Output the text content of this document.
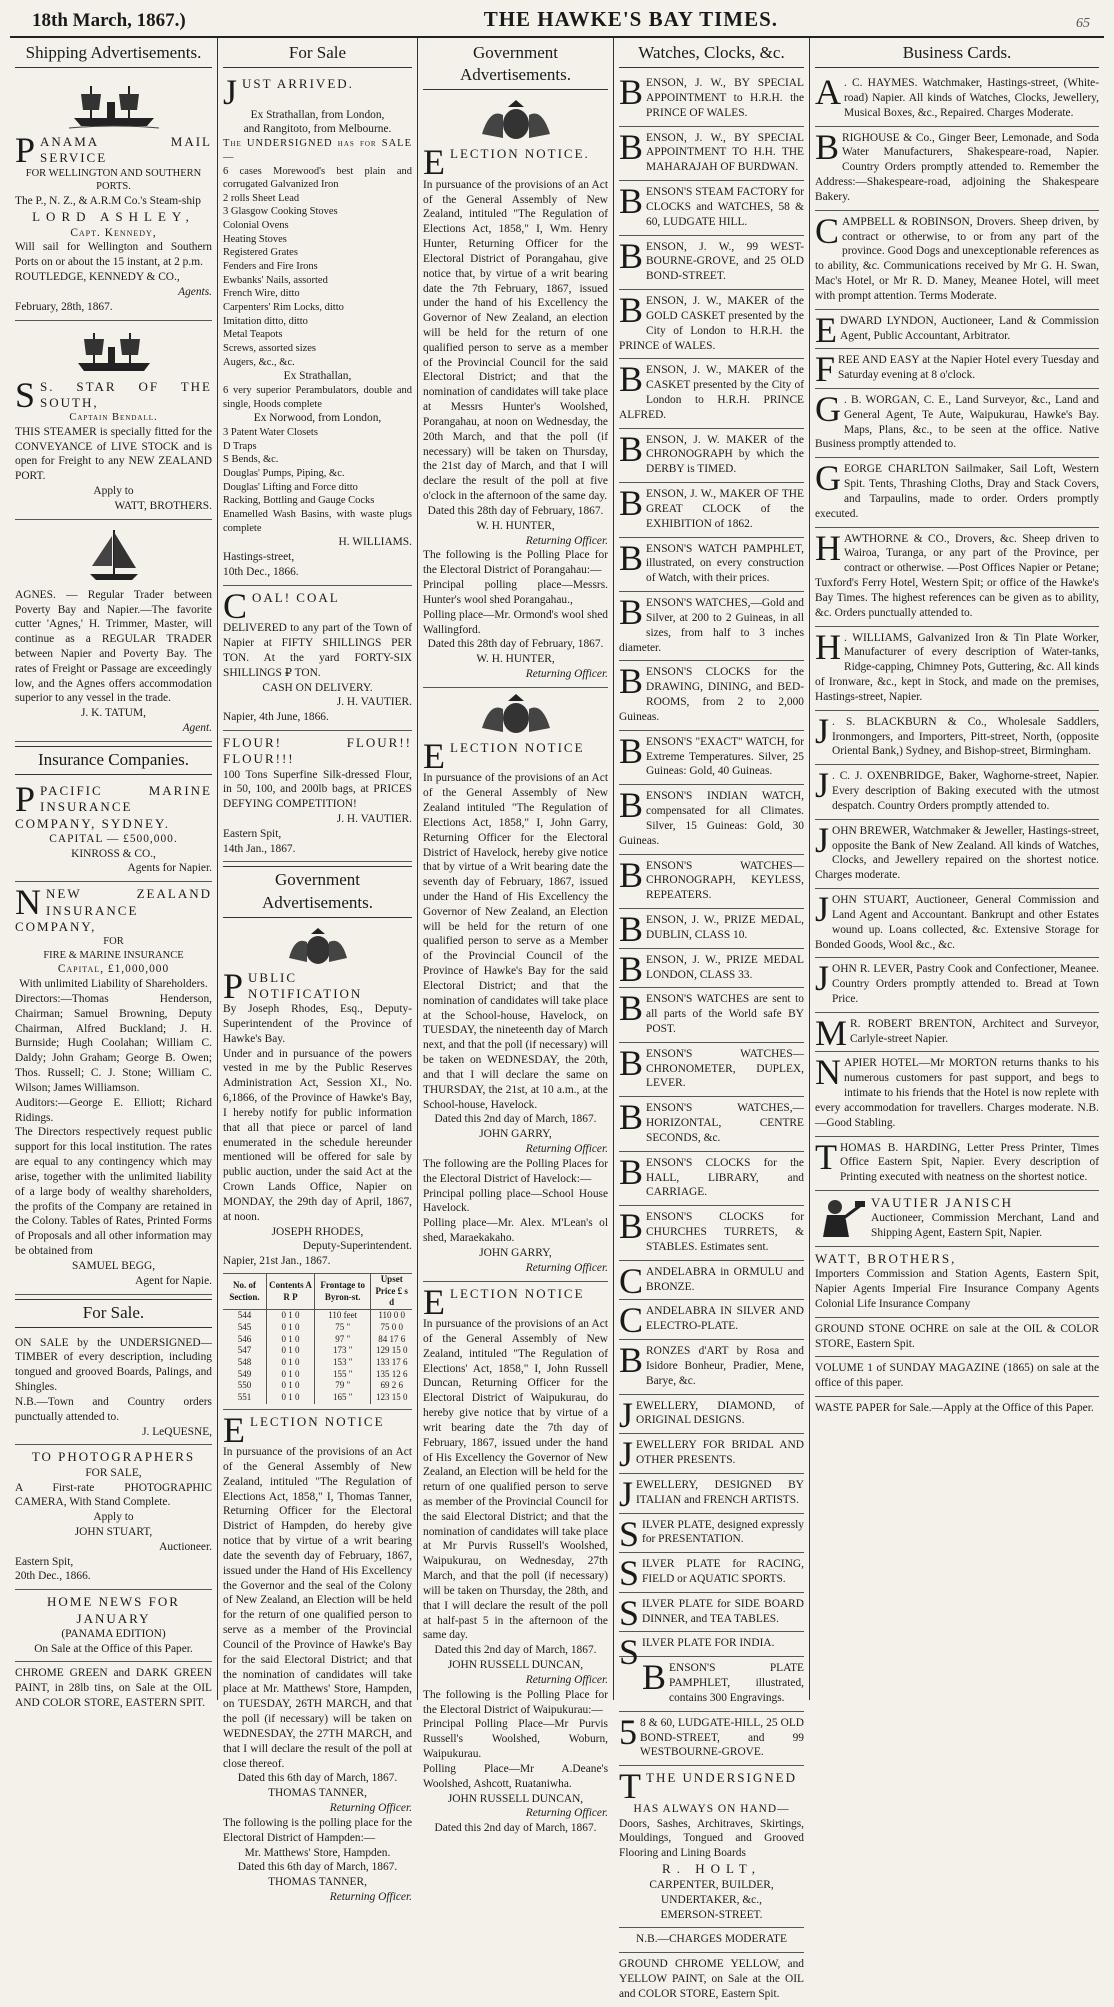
18th March, 1867.)	THE HAWKE'S BAY TIMES.	65
Shipping Advertisements.
PANAMA MAIL SERVICE
FOR WELLINGTON AND SOUTHERN PORTS.
The P., N. Z., & A.R.M Co.'s Steam-ship
LORD ASHLEY,
Capt. Kennedy,
Will sail for Wellington and Southern Ports on or about the 15 instant, at 2 p.m.
ROUTLEDGE, KENNEDY & CO.,
Agents.
February, 28th, 1867.
S S. STAR OF THE SOUTH,
Captain Bendall.
THIS STEAMER is specially fitted for the CONVEYANCE of LIVE STOCK and is open for Freight to any NEW ZEALAND PORT.
Apply to
WATT, BROTHERS.
AGNES. — Regular Trader between Poverty Bay and Napier.—The favorite cutter 'Agnes,' H. Trimmer, Master, will continue as a REGULAR TRADER between Napier and Poverty Bay. The rates of Freight or Passage are exceedingly low, and the Agnes offers accommodation superior to any vessel in the trade.
J. K. TATUM,
Agent.
Insurance Companies.
PPACIFIC MARINE INSURANCE COMPANY, SYDNEY.
CAPITAL — £500,000.
KINROSS & CO.,
Agents for Napier.
NNEW ZEALAND INSURANCE COMPANY,
FOR
FIRE & MARINE INSURANCE
Capital, £1,000,000
With unlimited Liability of Shareholders.
Directors:—Thomas Henderson, Chairman; Samuel Browning, Deputy Chairman, Alfred Buckland; J. H. Burnside; Hugh Coolahan; William C. Daldy; John Graham; George B. Owen; Thos. Russell; C. J. Stone; William C. Wilson; James Williamson.
Auditors:—George E. Elliott; Richard Ridings.
The Directors respectively request public support for this local institution. The rates are equal to any contingency which may arise, together with the unlimited liability of a large body of wealthy shareholders, the profits of the Company are retained in the Colony. Tables of Rates, Printed Forms of Proposals and all other information may be obtained from
SAMUEL BEGG,
Agent for Napie.
For Sale.
ON SALE by the UNDERSIGNED—TIMBER of every description, including tongued and grooved Boards, Palings, and Shingles.
N.B.—Town and Country orders punctually attended to.
J. LeQUESNE,
TO PHOTOGRAPHERS
FOR SALE,
A First-rate PHOTOGRAPHIC CAMERA, With Stand Complete.
Apply to
JOHN STUART,
Auctioneer.
Eastern Spit,
20th Dec., 1866.
HOME NEWS FOR JANUARY
(PANAMA EDITION)
On Sale at the Office of this Paper.
CHROME GREEN and DARK GREEN PAINT, in 28lb tins, on Sale at the OIL AND COLOR STORE, EASTERN SPIT.
For Sale
JUST ARRIVED.
Ex Strathallan, from London,
and Rangitoto, from Melbourne.
The UNDERSIGNED has for SALE—
6 cases Morewood's best plain and corrugated Galvanized Iron
2 rolls Sheet Lead
3 Glasgow Cooking Stoves
Colonial Ovens
Heating Stoves
Registered Grates
Fenders and Fire Irons
Ewbanks' Nails, assorted
French Wire, ditto
Carpenters' Rim Locks, ditto
Imitation ditto, ditto
Metal Teapots
Screws, assorted sizes
Augers, &c., &c.
Ex Strathallan,
6 very superior Perambulators, double and single, Hoods complete
Ex Norwood, from London,
3 Patent Water Closets
D Traps
S Bends, &c.
Douglas' Pumps, Piping, &c.
Douglas' Lifting and Force ditto
Racking, Bottling and Gauge Cocks
Enamelled Wash Basins, with waste plugs complete
H. WILLIAMS.
Hastings-street,
10th Dec., 1866.
COAL! COAL
DELIVERED to any part of the Town of Napier at FIFTY SHILLINGS PER TON. At the yard FORTY-SIX SHILLINGS ₽ TON.
CASH ON DELIVERY.
J. H. VAUTIER.
Napier, 4th June, 1866.
FLOUR! FLOUR!! FLOUR!!!
100 Tons Superfine Silk-dressed Flour, in 50, 100, and 200lb bags, at PRICES DEFYING COMPETITION!
J. H. VAUTIER.
Eastern Spit,
14th Jan., 1867.
Government Advertisements.
PUBLIC NOTIFICATION
By Joseph Rhodes, Esq., Deputy-Superintendent of the Province of Hawke's Bay.
Under and in pursuance of the powers vested in me by the Public Reserves Administration Act, Session XI., No. 6,1866, of the Province of Hawke's Bay, I hereby notify for public information that all that piece or parcel of land enumerated in the schedule hereunder mentioned will be offered for sale by public auction, under the said Act at the Crown Lands Office, Napier on MONDAY, the 29th day of April, 1867, at noon.
JOSEPH RHODES,
Deputy-Superintendent.
Napier, 21st Jan., 1867.
No. of Section.	Contents A R P	Frontage to Byron-st.	Upset Price £ s d
544	0 1 0	110 feet	110 0 0
545	0 1 0	75 "	75 0 0
546	0 1 0	97 "	84 17 6
547	0 1 0	173 "	129 15 0
548	0 1 0	153 "	133 17 6
549	0 1 0	155 "	135 12 6
550	0 1 0	79 "	69 2 6
551	0 1 0	165 "	123 15 0
ELECTION NOTICE
In pursuance of the provisions of an Act of the General Assembly of New Zealand, intituled "The Regulation of Elections Act, 1858," I, Thomas Tanner, Returning Officer for the Electoral District of Hampden, do hereby give notice that by virtue of a writ bearing date the seventh day of February, 1867, issued under the Hand of His Excellency the Governor and the seal of the Colony of New Zealand, an Election will be held for the return of one qualified person to serve as a member of the Provincial Council of the Province of Hawke's Bay for the said Electoral District; and that the nomination of candidates will take place at Mr. Matthews' Store, Hampden, on TUESDAY, 26TH MARCH, and that the poll (if necessary) will be taken on WEDNESDAY, the 27TH MARCH, and that I will declare the result of the poll at close thereof.
Dated this 6th day of March, 1867.
THOMAS TANNER,
Returning Officer.
The following is the polling place for the Electoral District of Hampden:—
Mr. Matthews' Store, Hampden.
Dated this 6th day of March, 1867.
THOMAS TANNER,
Returning Officer.
Government Advertisements.
ELECTION NOTICE.
In pursuance of the provisions of an Act of the General Assembly of New Zealand, intituled "The Regulation of Elections Act, 1858," I, Wm. Henry Hunter, Returning Officer for the Electoral District of Porangahau, give notice that, by virtue of a writ bearing date the 7th February, 1867, issued under the hand of his Excellency the Governor of New Zealand, an election will be held for the return of one qualified person to serve as a member of the Provincial Council for the said Electoral District; and that the nomination of candidates will take place at Messrs Hunter's Woolshed, Porangahau, at noon on Wednesday, the 20th March, and that the poll (if necessary) will be taken on Thursday, the 21st day of March, and that I will declare the result of the poll at five o'clock in the afternoon of the same day.
Dated this 28th day of February, 1867.
W. H. HUNTER,
Returning Officer.
The following is the Polling Place for the Electoral District of Porangahau:—
Principal polling place—Messrs. Hunter's wool shed Porangahau.,
Polling place—Mr. Ormond's wool shed Wallingford.
Dated this 28th day of February, 1867.
W. H. HUNTER,
Returning Officer.
ELECTION NOTICE
In pursuance of the provisions of an Act of the General Assembly of New Zealand intituled "The Regulation of Elections Act, 1858," I, John Garry, Returning Officer for the Electoral District of Havelock, hereby give notice that by virtue of a Writ bearing date the seventh day of February, 1867, issued under the Hand of His Excellency the Governor of New Zealand, an Election will be held for the return of one qualified person to serve as a Member of the Provincial Council of the Province of Hawke's Bay for the said Electoral District; and that the nomination of candidates will take place at the School-house, Havelock, on TUESDAY, the nineteenth day of March next, and that the poll (if necessary) will be taken on WEDNESDAY, the 20th, and that I will declare the same on THURSDAY, the 21st, at 10 a.m., at the School-house, Havelock.
Dated this 2nd day of March, 1867.
JOHN GARRY,
Returning Officer.
The following are the Polling Places for the Electoral District of Havelock:—
Principal polling place—School House Havelock.
Polling place—Mr. Alex. M'Lean's ol shed, Maraekakaho.
JOHN GARRY,
Returning Officer.
ELECTION NOTICE
In pursuance of the provisions of an Act of the General Assembly of New Zealand, intituled "The Regulation of Elections' Act, 1858," I, John Russell Duncan, Returning Officer for the Electoral District of Waipukurau, do hereby give notice that by virtue of a writ bearing date the 7th day of February, 1867, issued under the hand of His Excellency the Governor of New Zealand, an Election will be held for the return of one qualified person to serve as member of the Provincial Council for the said Electoral District; and that the nomination of candidates will take place at Mr Purvis Russell's Woolshed, Waipukurau, on Wednesday, 27th March, and that the poll (if necessary) will be taken on Thursday, the 28th, and that I will declare the result of the poll at half-past 5 in the afternoon of the same day.
Dated this 2nd day of March, 1867.
JOHN RUSSELL DUNCAN,
Returning Officer.
The following is the Polling Place for the Electoral District of Waipukurau:—
Principal Polling Place—Mr Purvis Russell's Woolshed, Woburn, Waipukurau.
Polling Place—Mr A.Deane's Woolshed, Ashcott, Ruataniwha.
JOHN RUSSELL DUNCAN,
Returning Officer.
Dated this 2nd day of March, 1867.
Watches, Clocks, &c.
BENSON, J. W., BY SPECIAL APPOINTMENT to H.R.H. the PRINCE OF WALES.
BENSON, J. W., BY SPECIAL APPOINTMENT TO H.H. THE MAHARAJAH OF BURDWAN.
BENSON'S STEAM FACTORY for CLOCKS and WATCHES, 58 & 60, LUDGATE HILL.
BENSON, J. W., 99 WEST-BOURNE-GROVE, and 25 OLD BOND-STREET.
BENSON, J. W., MAKER of the GOLD CASKET presented by the City of London to H.R.H. the PRINCE of WALES.
BENSON, J. W., MAKER of the CASKET presented by the City of London to H.R.H. PRINCE ALFRED.
BENSON, J. W. MAKER of the CHRONOGRAPH by which the DERBY is TIMED.
BENSON, J. W., MAKER OF THE GREAT CLOCK of the EXHIBITION of 1862.
BENSON'S WATCH PAMPHLET, illustrated, on every construction of Watch, with their prices.
BENSON'S WATCHES,—Gold and Silver, at 200 to 2 Guineas, in all sizes, from half to 3 inches diameter.
BENSON'S CLOCKS for the DRAWING, DINING, and BED-ROOMS, from 2 to 2,000 Guineas.
BENSON'S "EXACT" WATCH, for Extreme Temperatures. Silver, 25 Guineas: Gold, 40 Guineas.
BENSON'S INDIAN WATCH, compensated for all Climates. Silver, 15 Guineas: Gold, 30 Guineas.
BENSON'S WATCHES—CHRONOGRAPH, KEYLESS, REPEATERS.
BENSON, J. W., PRIZE MEDAL, DUBLIN, CLASS 10.
BENSON, J. W., PRIZE MEDAL LONDON, CLASS 33.
BENSON'S WATCHES are sent to all parts of the World safe BY POST.
BENSON'S WATCHES—CHRONOMETER, DUPLEX, LEVER.
BENSON'S WATCHES,—HORIZONTAL, CENTRE SECONDS, &c.
BENSON'S CLOCKS for the HALL, LIBRARY, and CARRIAGE.
BENSON'S CLOCKS for CHURCHES TURRETS, & STABLES. Estimates sent.
CANDELABRA in ORMULU and BRONZE.
CANDELABRA IN SILVER AND ELECTRO-PLATE.
BRONZES d'ART by Rosa and Isidore Bonheur, Pradier, Mene, Barye, &c.
JEWELLERY, DIAMOND, of ORIGINAL DESIGNS.
JEWELLERY FOR BRIDAL AND OTHER PRESENTS.
JEWELLERY, DESIGNED BY ITALIAN and FRENCH ARTISTS.
SILVER PLATE, designed expressly for PRESENTATION.
SILVER PLATE for RACING, FIELD or AQUATIC SPORTS.
SILVER PLATE for SIDE BOARD DINNER, and TEA TABLES.
SILVER PLATE FOR INDIA.
BENSON'S PLATE PAMPHLET, illustrated, contains 300 Engravings.
5 8 & 60, LUDGATE-HILL, 25 OLD BOND-STREET, and 99 WESTBOURNE-GROVE.
TTHE UNDERSIGNED
HAS ALWAYS ON HAND—
Doors, Sashes, Architraves, Skirtings, Mouldings, Tongued and Grooved Flooring and Lining Boards
R. HOLT,
CARPENTER, BUILDER, UNDERTAKER, &c.,
EMERSON-STREET.
N.B.—CHARGES MODERATE
GROUND CHROME YELLOW, and YELLOW PAINT, on Sale at the OIL and COLOR STORE, Eastern Spit.
Business Cards.
A . C. HAYMES. Watchmaker, Hastings-street, (White-road) Napier. All kinds of Watches, Clocks, Jewellery, Musical Boxes, &c., Repaired. Charges Moderate.
BRIGHOUSE & Co., Ginger Beer, Lemonade, and Soda Water Manufacturers, Shakespeare-road, Napier. Country Orders promptly attended to. Remember the Address:—Shakespeare-road, adjoining the Shakespeare Bakery.
CAMPBELL & ROBINSON, Drovers. Sheep driven, by contract or otherwise, to or from any part of the province. Good Dogs and unexceptionable references as to ability, &c. Communications received by Mr G. H. Swan, Mac's Hotel, or Mr R. D. Maney, Meanee Hotel, will meet with prompt attention. Terms Moderate.
EDWARD LYNDON, Auctioneer, Land & Commission Agent, Public Accountant, Arbitrator.
FREE AND EASY at the Napier Hotel every Tuesday and Saturday evening at 8 o'clock.
G . B. WORGAN, C. E., Land Surveyor, &c., Land and General Agent, Te Aute, Waipukurau, Hawke's Bay. Maps, Plans, &c., to be seen at the office. Native Business promptly attended to.
GEORGE CHARLTON Sailmaker, Sail Loft, Western Spit. Tents, Thrashing Cloths, Dray and Stack Covers, and Tarpaulins, made to order. Orders promptly executed.
HAWTHORNE & CO., Drovers, &c. Sheep driven to Wairoa, Turanga, or any part of the Province, per contract or otherwise. —Post Offices Napier or Petane; Tuxford's Ferry Hotel, Western Spit; or office of the Hawke's Bay Times. The highest references can be given as to ability, &c. Orders punctually attended to.
H . WILLIAMS, Galvanized Iron & Tin Plate Worker, Manufacturer of every description of Water-tanks, Ridge-capping, Chimney Pots, Guttering, &c. All kinds of Ironware, &c., kept in Stock, and made on the premises, Hastings-street, Napier.
J . S. BLACKBURN & Co., Wholesale Saddlers, Ironmongers, and Importers, Pitt-street, North, (opposite Oriental Bank,) Sydney, and Bishop-street, Birmingham.
J . C. J. OXENBRIDGE, Baker, Waghorne-street, Napier. Every description of Baking executed with the utmost despatch. Country Orders promptly attended to.
JOHN BREWER, Watchmaker & Jeweller, Hastings-street, opposite the Bank of New Zealand. All kinds of Watches, Clocks, and Jewellery repaired on the shortest notice. Charges moderate.
JOHN STUART, Auctioneer, General Commission and Land Agent and Accountant. Bankrupt and other Estates wound up. Loans collected, &c. Extensive Storage for Bonded Goods, Wool &c., &c.
JOHN R. LEVER, Pastry Cook and Confectioner, Meanee. Country Orders promptly attended to. Bread at Town Price.
M R. ROBERT BRENTON, Architect and Surveyor, Carlyle-street Napier.
NAPIER HOTEL—Mr MORTON returns thanks to his numerous customers for past support, and begs to intimate to his friends that the Hotel is now replete with every accommodation for travellers. Charges moderate. N.B.—Good Stabling.
THOMAS B. HARDING, Letter Press Printer, Times Office Eastern Spit, Napier. Every description of Printing executed with neatness on the shortest notice.
VAUTIER JANISCH
Auctioneer, Commission Merchant, Land and Shipping Agent, Eastern Spit, Napier.
WATT, BROTHERS,
Importers Commission and Station Agents, Eastern Spit, Napier Agents Imperial Fire Insurance Company Agents Colonial Life Insurance Company
GROUND STONE OCHRE on sale at the OIL & COLOR STORE, Eastern Spit.
VOLUME 1 of SUNDAY MAGAZINE (1865) on sale at the office of this paper.
WASTE PAPER for Sale.—Apply at the Office of this Paper.
